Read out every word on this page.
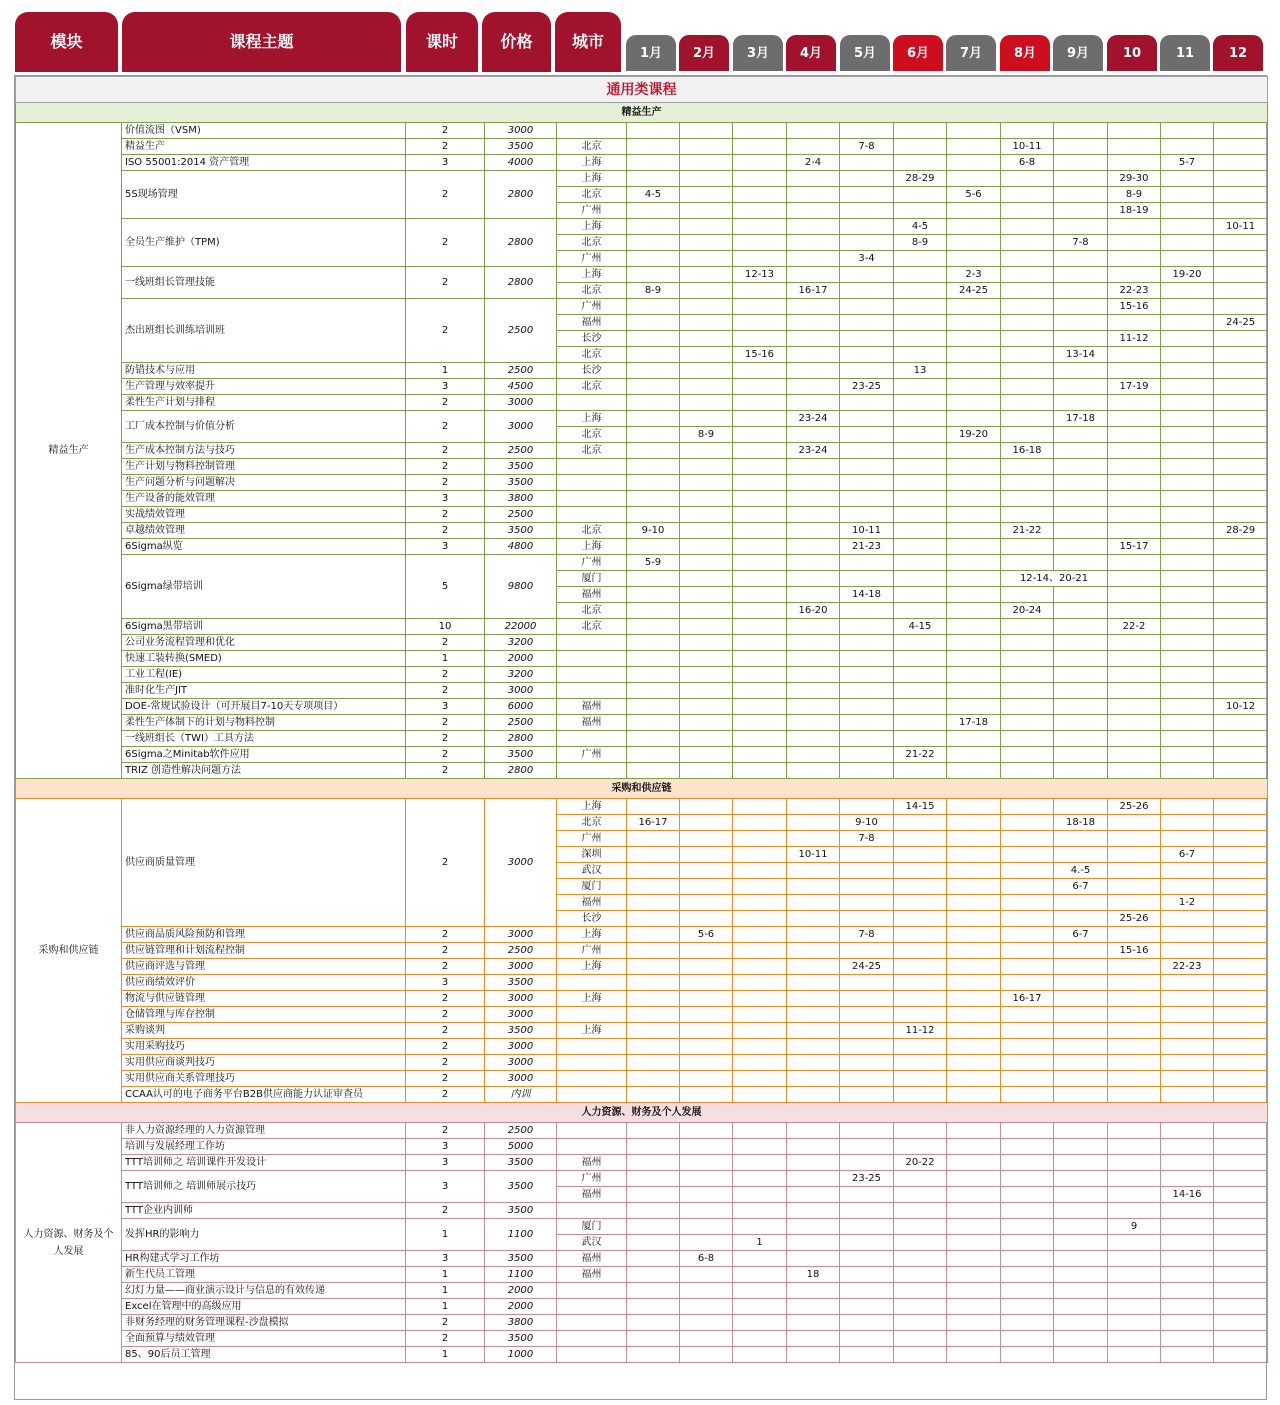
模块	课程主题	课时	价格	城市
1月	2月	3月	4月	5月	6月	7月	8月	9月	10	11	12
通用类课程																
精益生产																
精益生产	价值流图（VSM)	2	3000													
	精益生产	2	3500	北京					7-8			10-11				
	ISO 55001:2014 资产管理	3	4000	上海				2-4				6-8			5-7	
	5S现场管理	2	2800	上海						28-29				29-30		
				北京	4-5						5-6			8-9		
				广州										18-19		
	全员生产维护（TPM)	2	2800	上海						4-5						10-11
				北京						8-9			7-8			
				广州					3-4							
	一线班组长管理技能	2	2800	上海			12-13				2-3				19-20	
				北京	8-9			16-17			24-25			22-23		
	杰出班组长训练培训班	2	2500	广州										15-16		
				福州												24-25
				长沙										11-12		
				北京			15-16						13-14			
	防错技术与应用	1	2500	长沙						13						
	生产管理与效率提升	3	4500	北京					23-25					17-19		
	柔性生产计划与排程	2	3000													
	工厂成本控制与价值分析	2	3000	上海				23-24					17-18			
				北京		8-9					19-20					
	生产成本控制方法与技巧	2	2500	北京				23-24				16-18				
	生产计划与物料控制管理	2	3500													
	生产问题分析与问题解决	2	3500													
	生产设备的能效管理	3	3800													
	实战绩效管理	2	2500													
	卓越绩效管理	2	3500	北京	9-10				10-11			21-22				28-29
	6Sigma纵览	3	4800	上海					21-23					15-17		
	6Sigma绿带培训	5	9800	广州	5-9											
				厦门								12-14、20-21				
				福州					14-18							
				北京				16-20				20-24				
	6Sigma黑带培训	10	22000	北京						4-15				22-2		
	公司业务流程管理和优化	2	3200													
	快速工装转换(SMED)	1	2000													
	工业工程(IE)	2	3200													
	准时化生产JIT	2	3000													
	DOE-常规试验设计（可开展目7-10天专项项目）	3	6000	福州												10-12
	柔性生产体制下的计划与物料控制	2	2500	福州							17-18					
	一线班组长（TWI）工具方法	2	2800													
	6Sigma之Minitab软件应用	2	3500	广州						21-22						
	TRIZ 创造性解决问题方法	2	2800													
采购和供应链																
采购和供应链	供应商质量管理	2	3000	上海						14-15				25-26		
				北京	16-17				9-10				18-18			
				广州					7-8							
				深圳				10-11							6-7	
				武汉									4.-5			
				厦门									6-7			
				福州											1-2	
				长沙										25-26		
	供应商品质风险预防和管理	2	3000	上海		5-6			7-8				6-7			
	供应链管理和计划流程控制	2	2500	广州										15-16		
	供应商评选与管理	2	3000	上海					24-25						22-23	
	供应商绩效评价	3	3500													
	物流与供应链管理	2	3000	上海								16-17				
	仓储管理与库存控制	2	3000													
	采购谈判	2	3500	上海						11-12						
	实用采购技巧	2	3000													
	实用供应商谈判技巧	2	3000													
	实用供应商关系管理技巧	2	3000													
	CCAA认可的电子商务平台B2B供应商能力认证审查员	2	内训													
人力资源、财务及个人发展																
人力资源、财务及个人发展	非人力资源经理的人力资源管理	2	2500													
	培训与发展经理工作坊	3	5000													
	TTT培训师之 培训课件开发设计	3	3500	福州						20-22						
	TTT培训师之 培训师展示技巧	3	3500	广州					23-25							
				福州											14-16	
	TTT企业内训师	2	3500													
	发挥HR的影响力	1	1100	厦门										9		
				武汉			1									
	HR构建式学习工作坊	3	3500	福州		6-8										
	新生代员工管理	1	1100	福州				18								
	幻灯力量——商业演示设计与信息的有效传递	1	2000													
	Excel在管理中的高级应用	1	2000													
	非财务经理的财务管理课程-沙盘模拟	2	3800													
	全面预算与绩效管理	2	3500													
	85、90后员工管理	1	1000													
